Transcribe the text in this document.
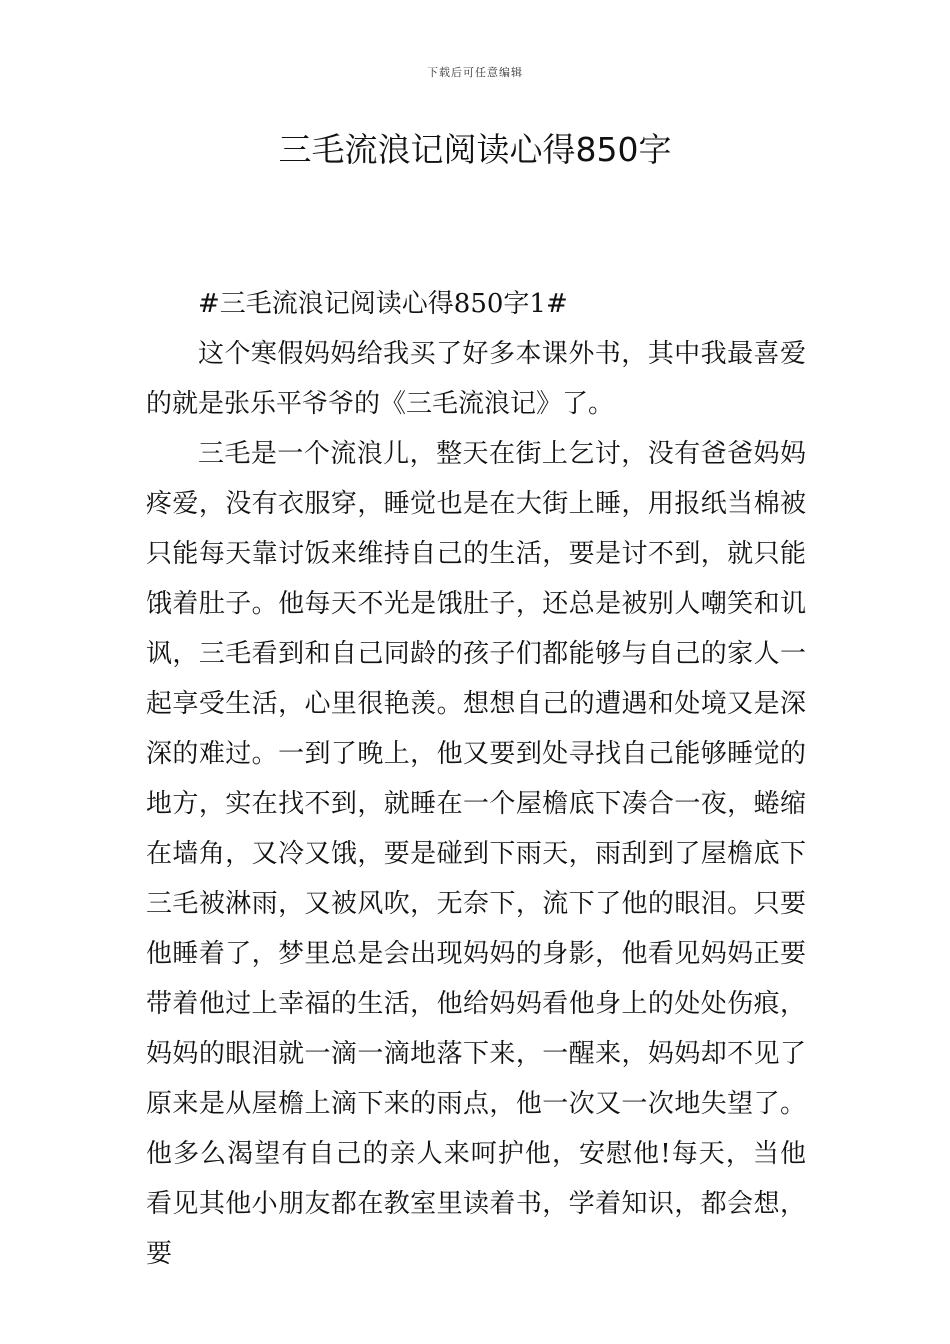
下载后可任意编辑
三毛流浪记阅读心得850字

#三毛流浪记阅读心得850字1#

这个寒假妈妈给我买了好多本课外书，其中我最喜爱的就是张乐平爷爷的《三毛流浪记》了。

三毛是一个流浪儿，整天在街上乞讨，没有爸爸妈妈疼爱，没有衣服穿，睡觉也是在大街上睡，用报纸当棉被只能每天靠讨饭来维持自己的生活，要是讨不到，就只能饿着肚子。他每天不光是饿肚子，还总是被别人嘲笑和讥讽，三毛看到和自己同龄的孩子们都能够与自己的家人一起享受生活，心里很艳羡。想想自己的遭遇和处境又是深深的难过。一到了晚上，他又要到处寻找自己能够睡觉的地方，实在找不到，就睡在一个屋檐底下凑合一夜，蜷缩在墙角，又冷又饿，要是碰到下雨天，雨刮到了屋檐底下三毛被淋雨，又被风吹，无奈下，流下了他的眼泪。只要他睡着了，梦里总是会出现妈妈的身影，他看见妈妈正要带着他过上幸福的生活，他给妈妈看他身上的处处伤痕，妈妈的眼泪就一滴一滴地落下来，一醒来，妈妈却不见了原来是从屋檐上滴下来的雨点，他一次又一次地失望了。他多么渴望有自己的亲人来呵护他，安慰他!每天，当他看见其他小朋友都在教室里读着书，学着知识，都会想，要
